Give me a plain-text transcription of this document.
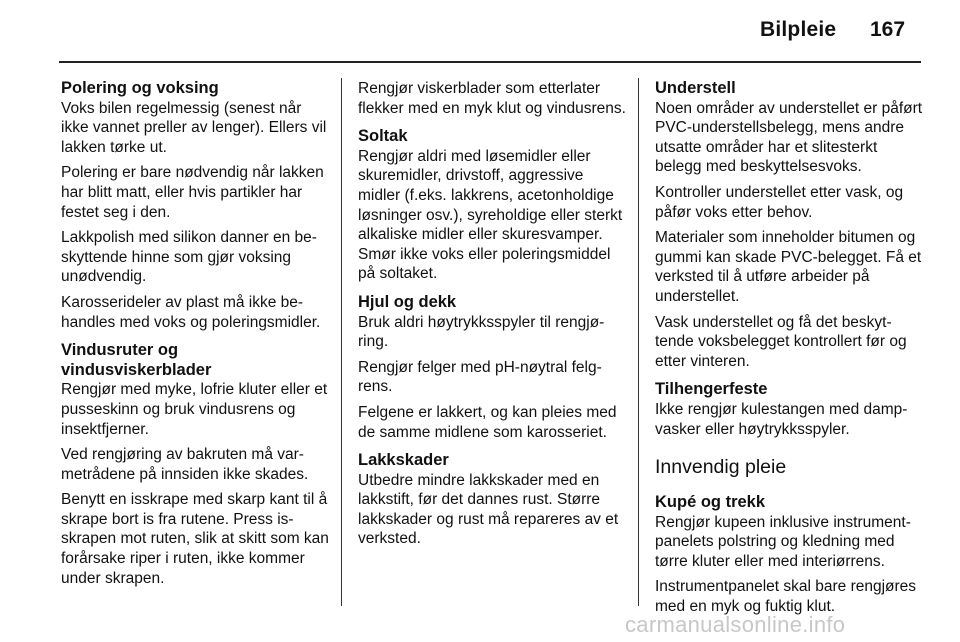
Bilpleie 167
Polering og voksing
Voks bilen regelmessig (senest når ikke vannet preller av lenger). Ellers vil lakken tørke ut.
Polering er bare nødvendig når lakken har blitt matt, eller hvis partikler har festet seg i den.
Lakkpolish med silikon danner en beskyttende hinne som gjør voksing unødvendig.
Karosserideler av plast må ikke behandles med voks og poleringsmidler.
Vindusruter og vindusviskerblader
Rengjør med myke, lofrie kluter eller et pusseskinn og bruk vindusrens og insektfjerner.
Ved rengjøring av bakruten må varmetrådene på innsiden ikke skades.
Benytt en isskrape med skarp kant til å skrape bort is fra rutene. Press isskrapen mot ruten, slik at skitt som kan forårsake riper i ruten, ikke kommer under skrapen.
Rengjør viskerblader som etterlater flekker med en myk klut og vindusrens.
Soltak
Rengjør aldri med løsemidler eller skuremidler, drivstoff, aggressive midler (f.eks. lakkrens, acetonholdige løsninger osv.), syreholdige eller sterkt alkaliske midler eller skuresvamper. Smør ikke voks eller poleringsmiddel på soltaket.
Hjul og dekk
Bruk aldri høytrykksspyler til rengjøring.
Rengjør felger med pH-nøytral felgrens.
Felgene er lakkert, og kan pleies med de samme midlene som karosseriet.
Lakkskader
Utbedre mindre lakkskader med en lakkstift, før det dannes rust. Større lakkskader og rust må repareres av et verksted.
Understell
Noen områder av understellet er påført PVC-understellsbelegg, mens andre utsatte områder har et slitesterkt belegg med beskyttelsesvoks.
Kontroller understellet etter vask, og påfør voks etter behov.
Materialer som inneholder bitumen og gummi kan skade PVC-belegget. Få et verksted til å utføre arbeider på understellet.
Vask understellet og få det beskyttende voksbelegget kontrollert før og etter vinteren.
Tilhengerfeste
Ikke rengjør kulestangen med dampvasker eller høytrykksspyler.
Innvendig pleie
Kupé og trekk
Rengjør kupeen inklusive instrumentpanelets polstring og kledning med tørre kluter eller med interiørrens.
Instrumentpanelet skal bare rengjøres med en myk og fuktig klut.
carmanualsonline.info
